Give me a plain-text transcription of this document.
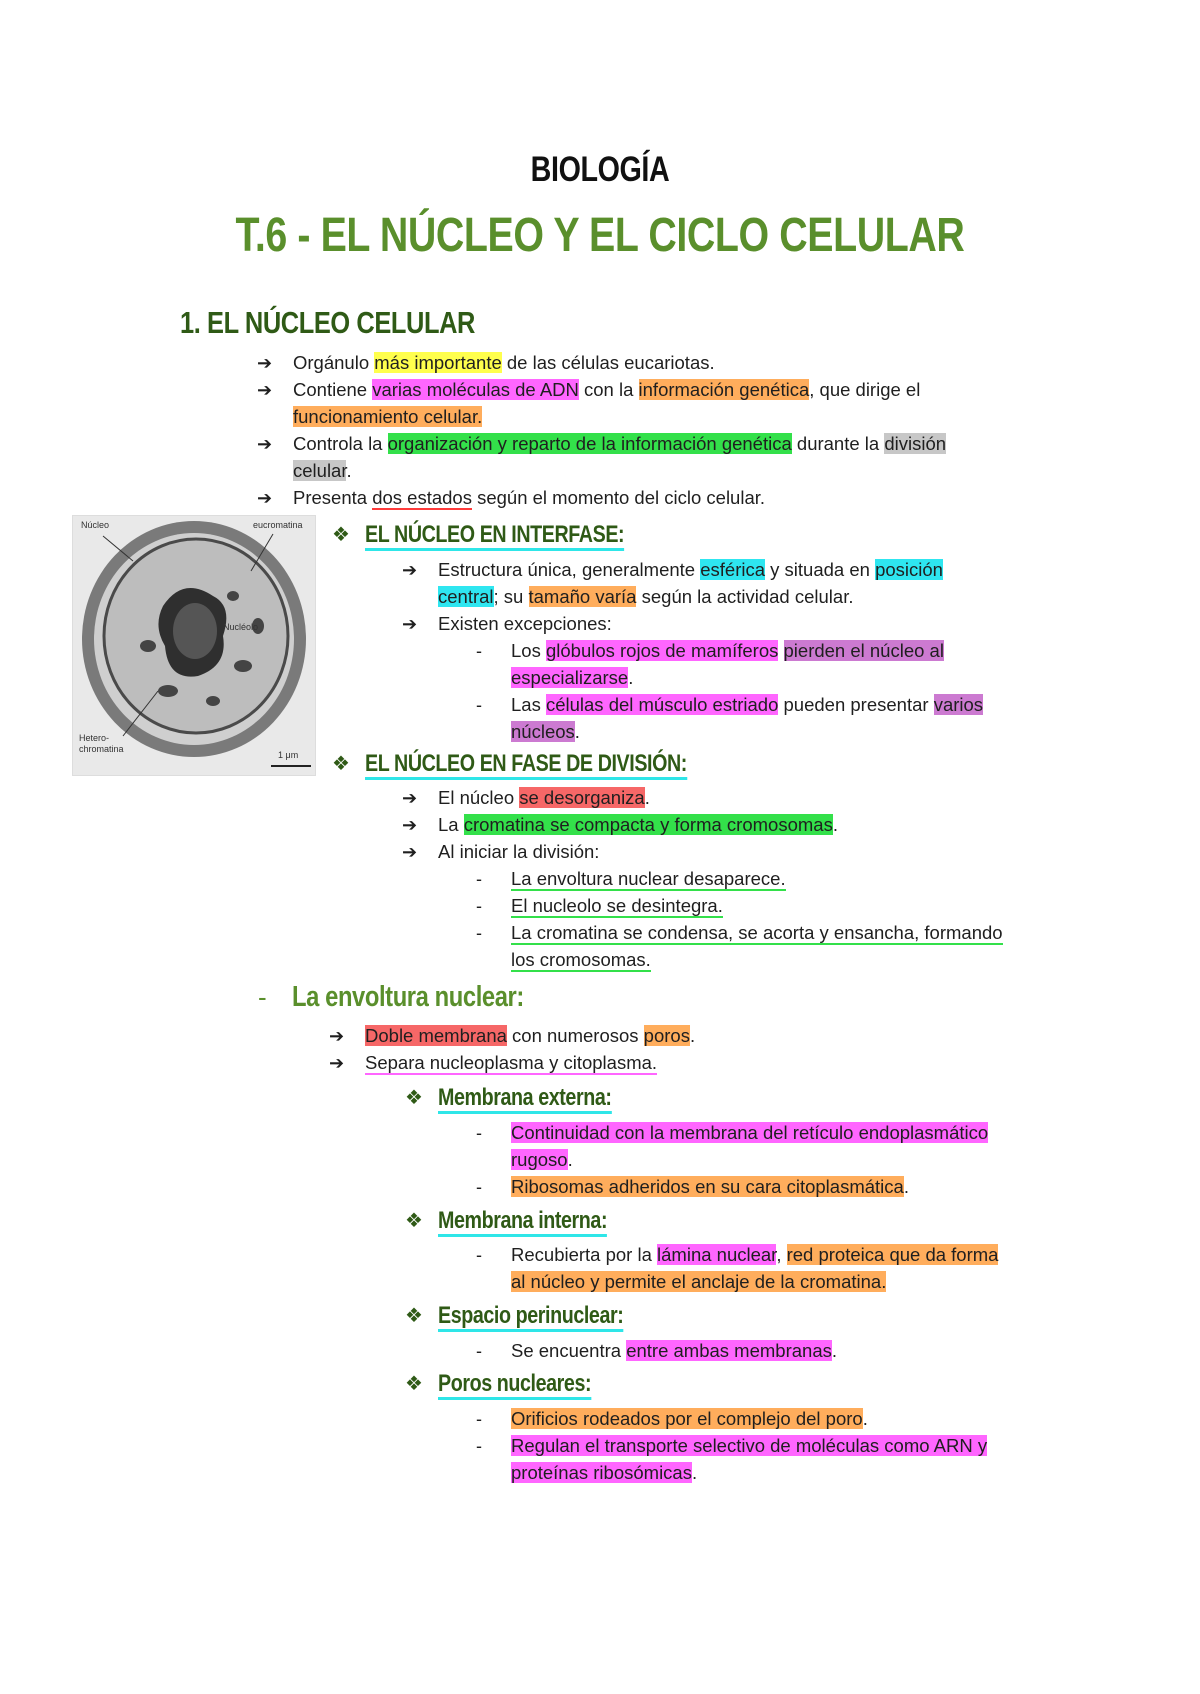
BIOLOGÍA
T.6 - EL NÚCLEO Y EL CICLO CELULAR
1. EL NÚCLEO CELULAR
➔ Orgánulo más importante de las células eucariotas.
➔ Contiene varias moléculas de ADN con la información genética, que dirige el
funcionamiento celular.
➔ Controla la organización y reparto de la información genética durante la división
celular.
➔ Presenta dos estados según el momento del ciclo celular.
Núcleo	eucromatina
Nucléolo
Hetero-
chromatina
1 μm
❖ EL NÚCLEO EN INTERFASE:
➔ Estructura única, generalmente esférica y situada en posición
central; su tamaño varía según la actividad celular.
➔ Existen excepciones:
- Los glóbulos rojos de mamíferos pierden el núcleo al
especializarse.
- Las células del músculo estriado pueden presentar varios
núcleos.
❖ EL NÚCLEO EN FASE DE DIVISIÓN:
➔ El núcleo se desorganiza.
➔ La cromatina se compacta y forma cromosomas.
➔ Al iniciar la división:
- La envoltura nuclear desaparece.
- El nucleolo se desintegra.
- La cromatina se condensa, se acorta y ensancha, formando
los cromosomas.
- La envoltura nuclear:
➔ Doble membrana con numerosos poros.
➔ Separa nucleoplasma y citoplasma.
❖ Membrana externa:
- Continuidad con la membrana del retículo endoplasmático
rugoso.
- Ribosomas adheridos en su cara citoplasmática.
❖ Membrana interna:
- Recubierta por la lámina nuclear, red proteica que da forma
al núcleo y permite el anclaje de la cromatina.
❖ Espacio perinuclear:
- Se encuentra entre ambas membranas.
❖ Poros nucleares:
- Orificios rodeados por el complejo del poro.
- Regulan el transporte selectivo de moléculas como ARN y
proteínas ribosómicas.
